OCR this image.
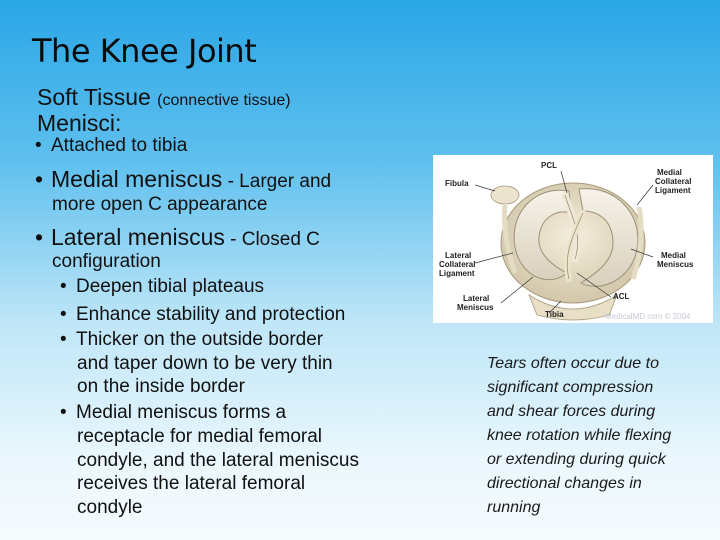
The Knee Joint
Soft Tissue (connective tissue)
Menisci:
• Attached to tibia
• Medial meniscus - Larger and
more open C appearance
• Lateral meniscus - Closed C
configuration
• Deepen tibial plateaus
• Enhance stability and protection
• Thicker on the outside border
and taper down to be very thin
on the inside border
• Medial meniscus forms a
receptacle for medial femoral
condyle, and the lateral meniscus
receives the lateral femoral
condyle
PCL
Fibula
Medial
Collateral
Ligament
Lateral
Collateral
Ligament
Medial
Meniscus
ACL
Lateral
Meniscus
Tibia	MedicalMD.com © 2004
Tears often occur due to
significant compression
and shear forces during
knee rotation while flexing
or extending during quick
directional changes in
running
